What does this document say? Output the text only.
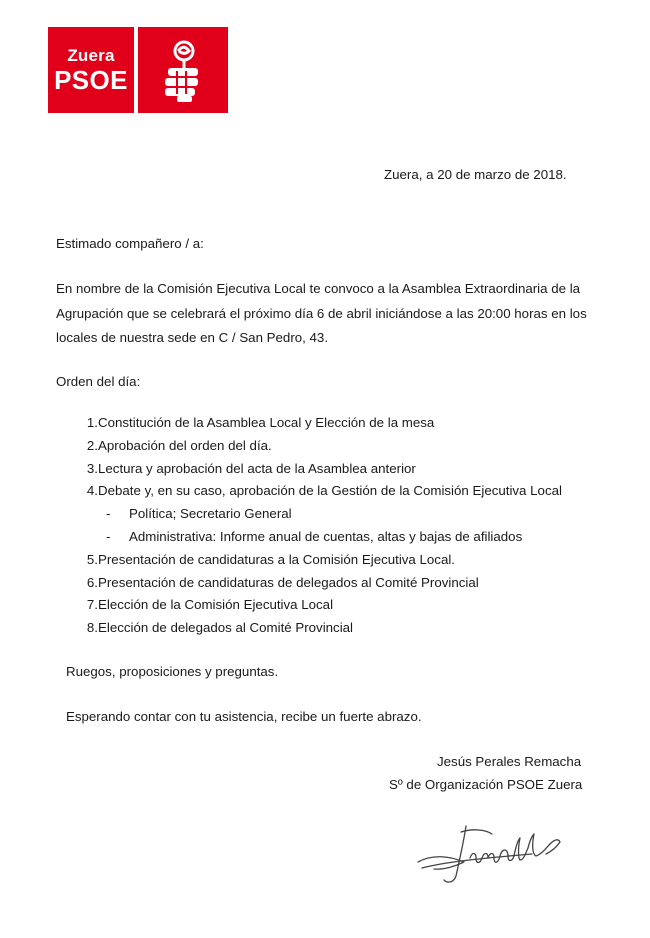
Zuera
PSOE
Zuera, a 20 de marzo de 2018.
Estimado compañero / a:
En nombre de la Comisión Ejecutiva Local te convoco a la Asamblea Extraordinaria de la
Agrupación que se celebrará el próximo día 6 de abril iniciándose a las 20:00 horas en los
locales de nuestra sede en C / San Pedro, 43.
Orden del día:
1. Constitución de la Asamblea Local y Elección de la mesa
2. Aprobación del orden del día.
3. Lectura y aprobación del acta de la Asamblea anterior
4. Debate y, en su caso, aprobación de la Gestión de la Comisión Ejecutiva Local
- Política; Secretario General
- Administrativa: Informe anual de cuentas, altas y bajas de afiliados
5. Presentación de candidaturas a la Comisión Ejecutiva Local.
6. Presentación de candidaturas de delegados al Comité Provincial
7. Elección de la Comisión Ejecutiva Local
8. Elección de delegados al Comité Provincial
Ruegos, proposiciones y preguntas.
Esperando contar con tu asistencia, recibe un fuerte abrazo.
Jesús Perales Remacha
Sº de Organización PSOE Zuera
